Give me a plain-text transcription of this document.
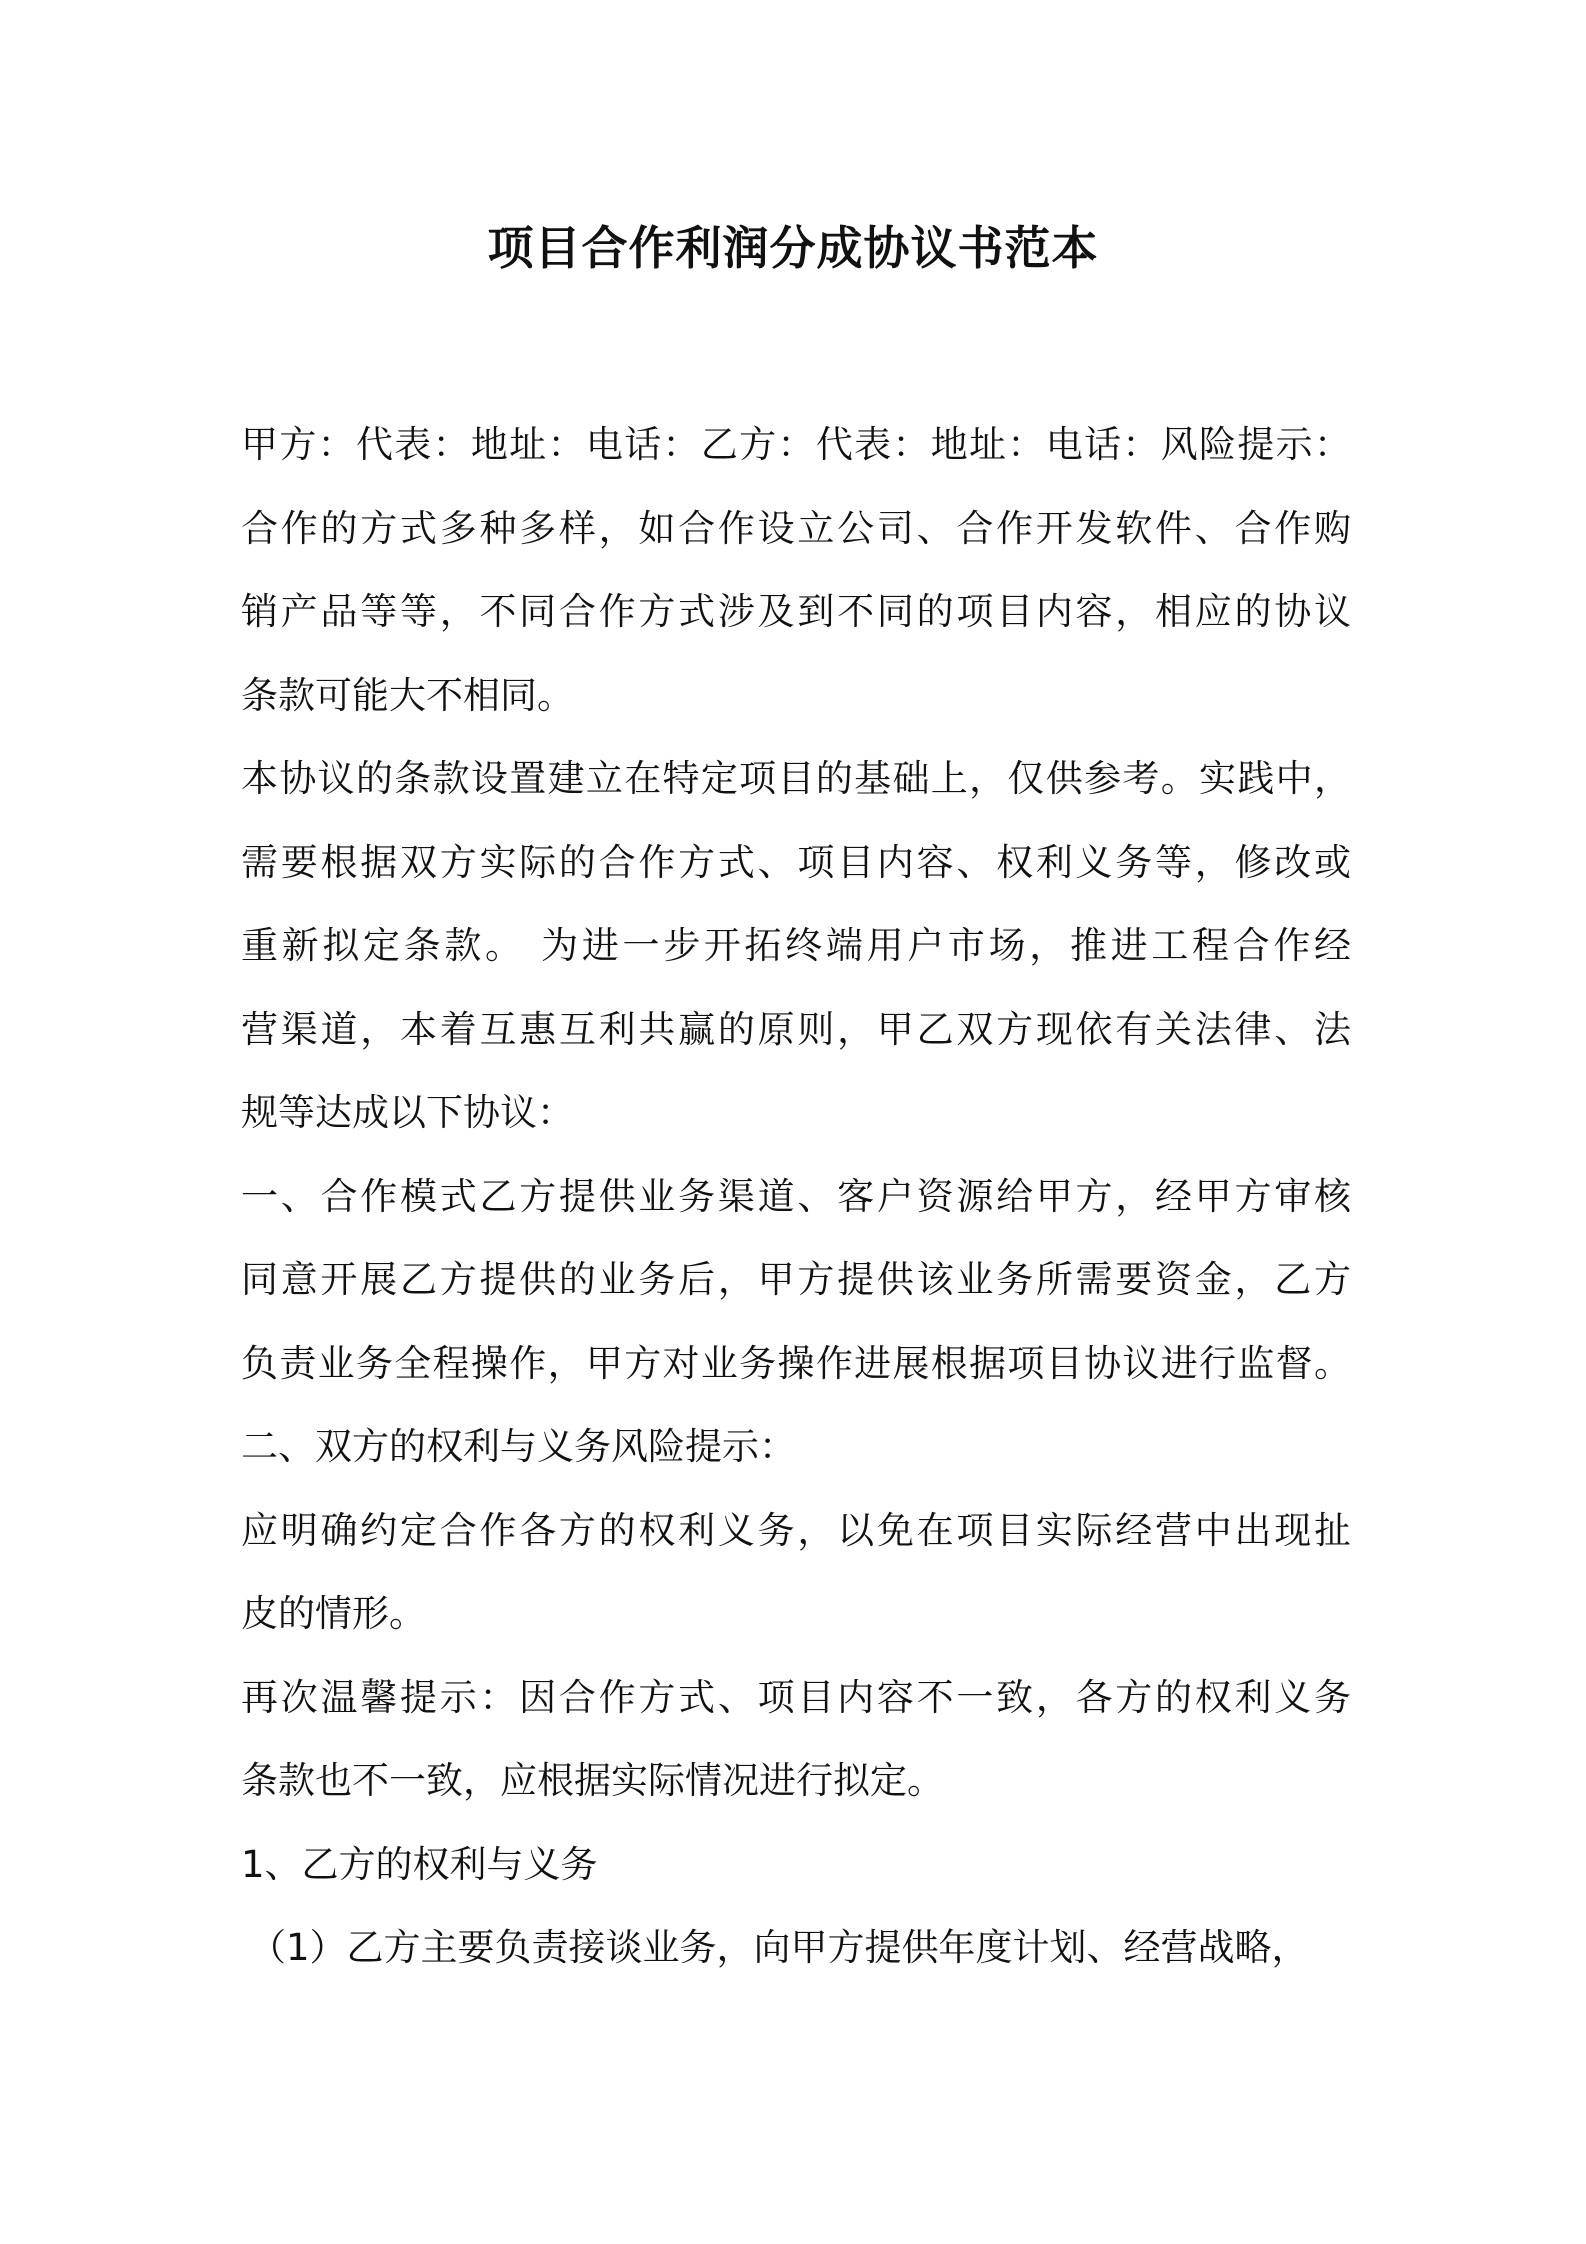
项目合作利润分成协议书范本
甲方：代表：地址：电话：乙方：代表：地址：电话：风险提示：
合作的方式多种多样，如合作设立公司、合作开发软件、合作购
销产品等等，不同合作方式涉及到不同的项目内容，相应的协议
条款可能大不相同。
本协议的条款设置建立在特定项目的基础上，仅供参考。实践中，
需要根据双方实际的合作方式、项目内容、权利义务等，修改或
重新拟定条款。 为进一步开拓终端用户市场，推进工程合作经
营渠道，本着互惠互利共赢的原则，甲乙双方现依有关法律、法
规等达成以下协议：
一、合作模式乙方提供业务渠道、客户资源给甲方，经甲方审核
同意开展乙方提供的业务后，甲方提供该业务所需要资金，乙方
负责业务全程操作，甲方对业务操作进展根据项目协议进行监督。
二、双方的权利与义务风险提示：
应明确约定合作各方的权利义务，以免在项目实际经营中出现扯
皮的情形。
再次温馨提示：因合作方式、项目内容不一致，各方的权利义务
条款也不一致，应根据实际情况进行拟定。
1、乙方的权利与义务
（1）乙方主要负责接谈业务，向甲方提供年度计划、经营战略，
